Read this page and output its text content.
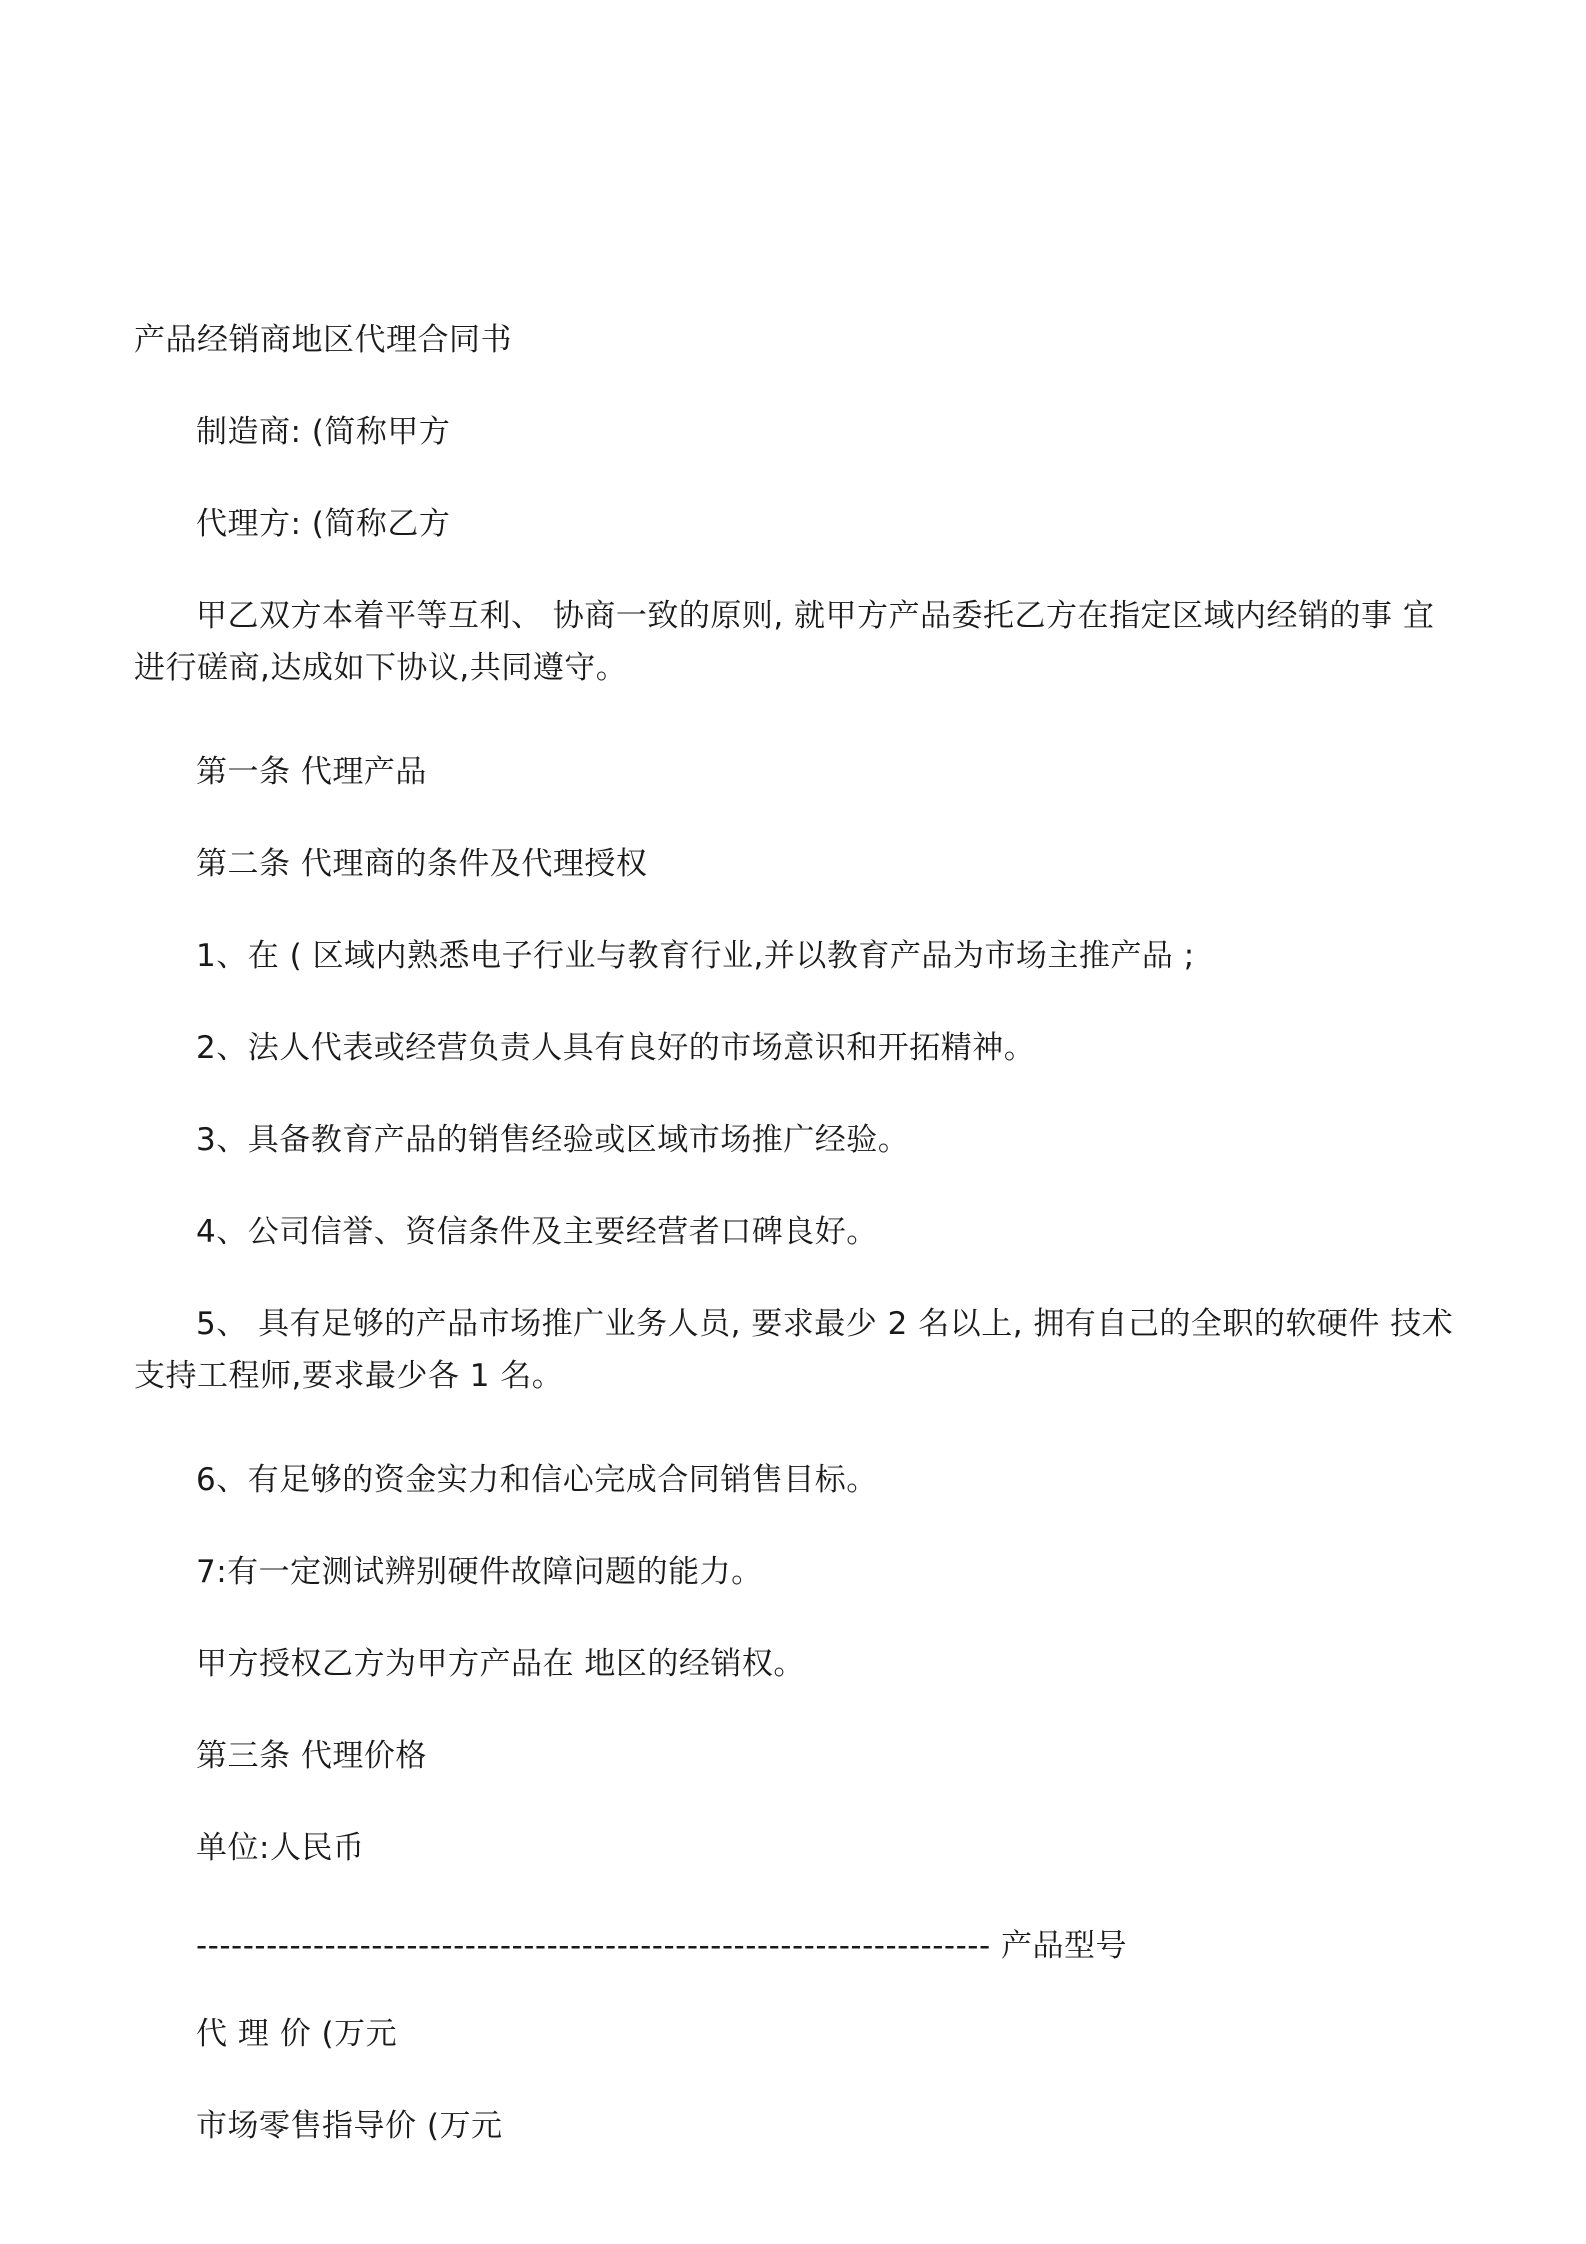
产品经销商地区代理合同书
制造商: (简称甲方
代理方: (简称乙方
甲乙双方本着平等互利、 协商一致的原则, 就甲方产品委托乙方在指定区域内经销的事 宜进行磋商,达成如下协议,共同遵守。
第一条 代理产品
第二条 代理商的条件及代理授权
1、在 ( 区域内熟悉电子行业与教育行业,并以教育产品为市场主推产品 ;
2、法人代表或经营负责人具有良好的市场意识和开拓精神。
3、具备教育产品的销售经验或区域市场推广经验。
4、公司信誉、资信条件及主要经营者口碑良好。
5、 具有足够的产品市场推广业务人员, 要求最少 2 名以上, 拥有自己的全职的软硬件 技术支持工程师,要求最少各 1 名。
6、有足够的资金实力和信心完成合同销售目标。
7:有一定测试辨别硬件故障问题的能力。
甲方授权乙方为甲方产品在 地区的经销权。
第三条 代理价格
单位:人民币
-------------------------------------------------------------------- 产品型号
代 理 价 (万元
市场零售指导价 (万元
